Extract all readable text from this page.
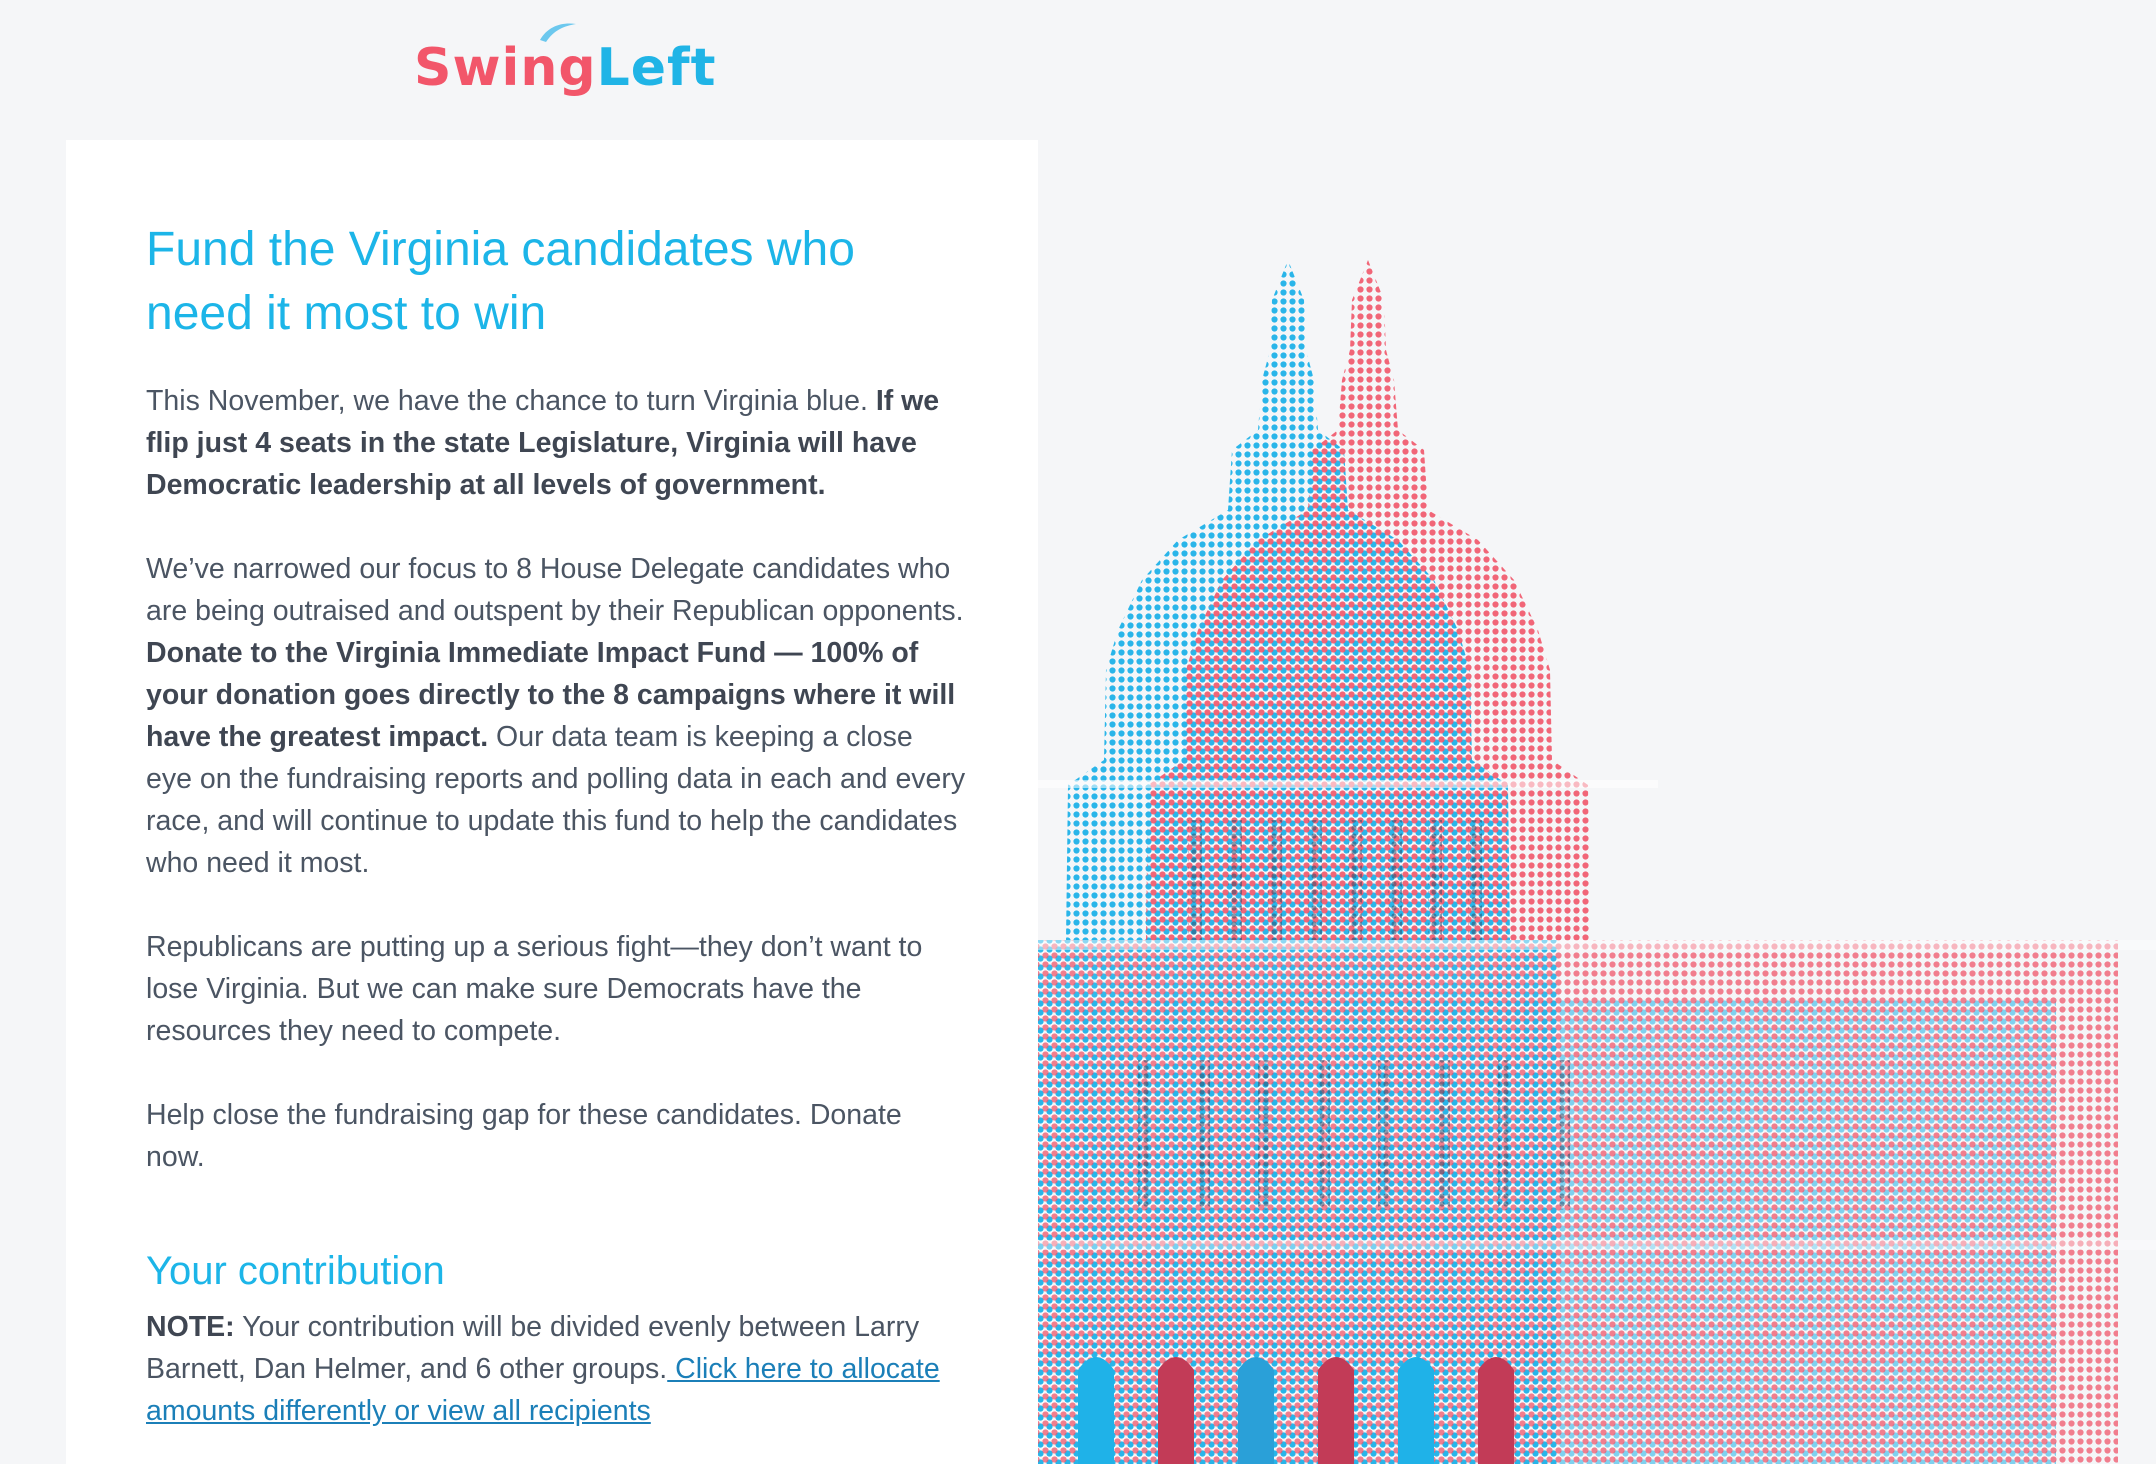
SwingLeft
Fund the Virginia candidates who need it most to win

This November, we have the chance to turn Virginia blue. If we flip just 4 seats in the state Legislature, Virginia will have Democratic leadership at all levels of government.

We’ve narrowed our focus to 8 House Delegate candidates who are being outraised and outspent by their Republican opponents. Donate to the Virginia Immediate Impact Fund — 100% of your donation goes directly to the 8 campaigns where it will have the greatest impact. Our data team is keeping a close eye on the fundraising reports and polling data in each and every race, and will continue to update this fund to help the candidates who need it most.

Republicans are putting up a serious fight—they don’t want to lose Virginia. But we can make sure Democrats have the resources they need to compete.

Help close the fundraising gap for these candidates. Donate now.

Your contribution

NOTE: Your contribution will be divided evenly between Larry Barnett, Dan Helmer, and 6 other groups. Click here to allocate amounts differently or view all recipients
